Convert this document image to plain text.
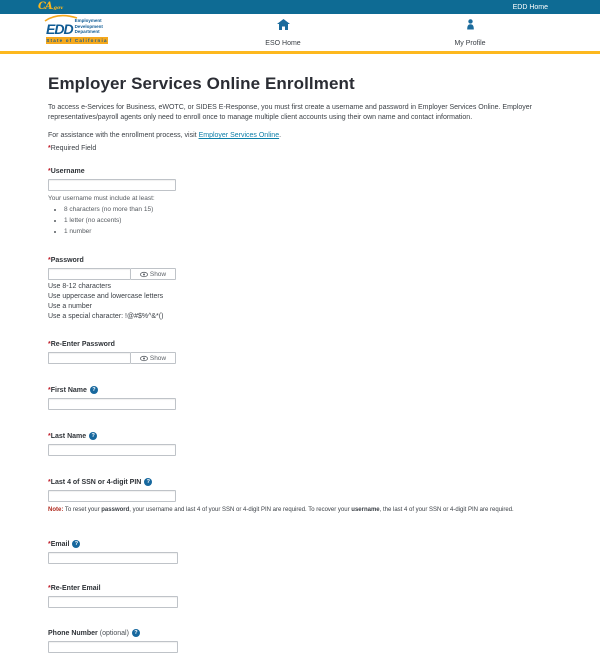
CA.gov	EDD Home
EDD
Employment
Development
Department
State of California	ESO Home	My Profile
Employer Services Online Enrollment

To access e-Services for Business, eWOTC, or SIDES E-Response, you must first create a username and password in Employer Services Online. Employer representatives/payroll agents only need to enroll once to manage multiple client accounts using their own name and contact information.

For assistance with the enrollment process, visit Employer Services Online.

*Required Field

*Username
Your username must include at least:
• 8 characters (no more than 15)
• 1 letter (no accents)
• 1 number
*Password
Show
Use 8-12 characters
Use uppercase and lowercase letters
Use a number
Use a special character: !@#$%^&*()
*Re-Enter Password
Show
*First Name ?
*Last Name ?
*Last 4 of SSN or 4-digit PIN ?

Note: To reset your password, your username and last 4 of your SSN or 4-digit PIN are required. To recover your username, the last 4 of your SSN or 4-digit PIN are required.

*Email ?
*Re-Enter Email
Phone Number (optional) ?
